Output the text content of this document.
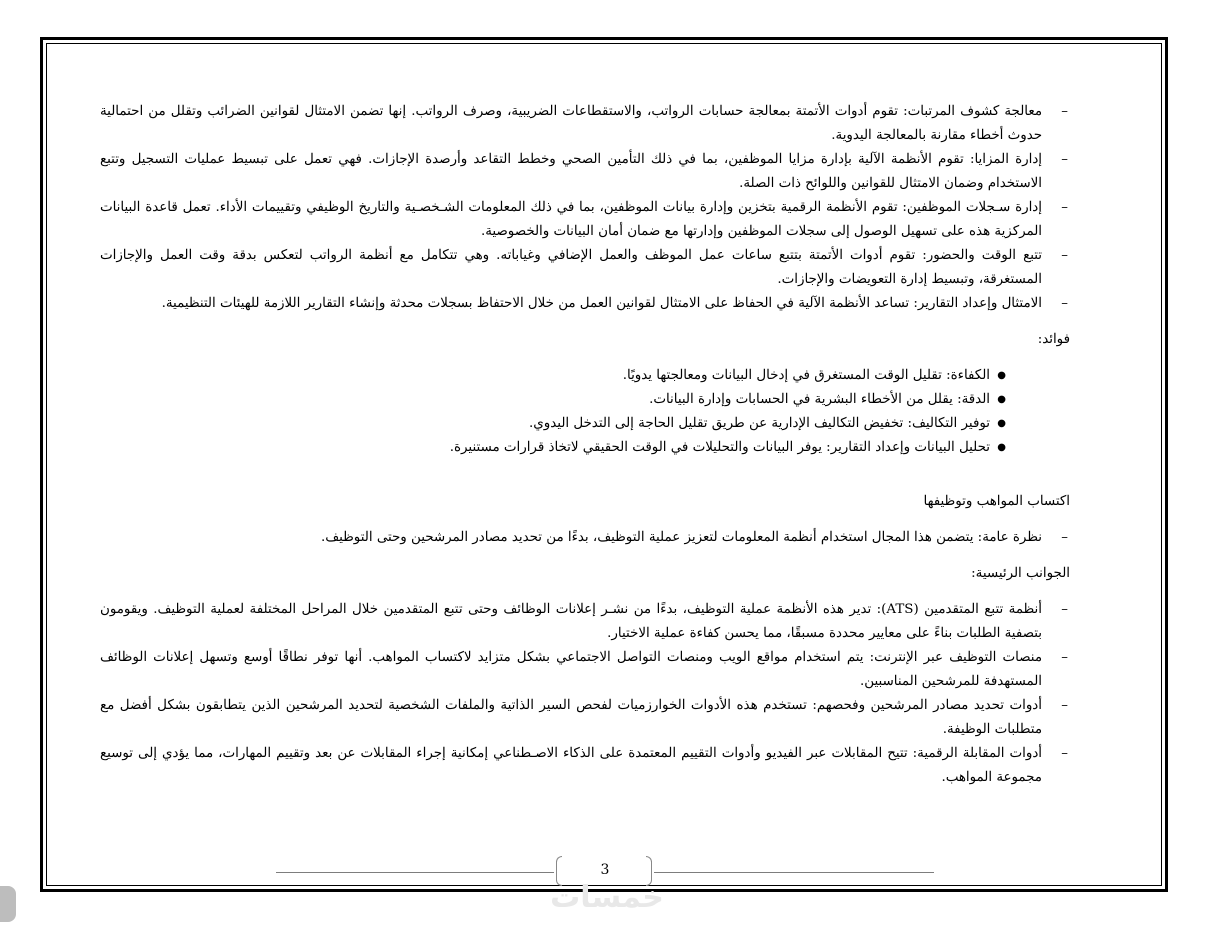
–
معالجة كشوف المرتبات: تقوم أدوات الأتمتة بمعالجة حسابات الرواتب، والاستقطاعات الضريبية، وصرف الرواتب. إنها تضمن الامتثال لقوانين الضرائب وتقلل من احتمالية حدوث أخطاء مقارنة بالمعالجة اليدوية.

–
إدارة المزايا: تقوم الأنظمة الآلية بإدارة مزايا الموظفين، بما في ذلك التأمين الصحي وخطط التقاعد وأرصدة الإجازات. فهي تعمل على تبسيط عمليات التسجيل وتتبع الاستخدام وضمان الامتثال للقوانين واللوائح ذات الصلة.

–
إدارة سـجلات الموظفين: تقوم الأنظمة الرقمية بتخزين وإدارة بيانات الموظفين، بما في ذلك المعلومات الشـخصـية والتاريخ الوظيفي وتقييمات الأداء. تعمل قاعدة البيانات المركزية هذه على تسهيل الوصول إلى سجلات الموظفين وإدارتها مع ضمان أمان البيانات والخصوصية.

–
تتبع الوقت والحضور: تقوم أدوات الأتمتة بتتبع ساعات عمل الموظف والعمل الإضافي وغياباته. وهي تتكامل مع أنظمة الرواتب لتعكس بدقة وقت العمل والإجازات المستغرقة، وتبسيط إدارة التعويضات والإجازات.

–
الامتثال وإعداد التقارير: تساعد الأنظمة الآلية في الحفاظ على الامتثال لقوانين العمل من خلال الاحتفاظ بسجلات محدثة وإنشاء التقارير اللازمة للهيئات التنظيمية.

فوائد:

●
الكفاءة: تقليل الوقت المستغرق في إدخال البيانات ومعالجتها يدويًا.

●
الدقة: يقلل من الأخطاء البشرية في الحسابات وإدارة البيانات.

●
توفير التكاليف: تخفيض التكاليف الإدارية عن طريق تقليل الحاجة إلى التدخل اليدوي.

●
تحليل البيانات وإعداد التقارير: يوفر البيانات والتحليلات في الوقت الحقيقي لاتخاذ قرارات مستنيرة.

اكتساب المواهب وتوظيفها

–
نظرة عامة: يتضمن هذا المجال استخدام أنظمة المعلومات لتعزيز عملية التوظيف، بدءًا من تحديد مصادر المرشحين وحتى التوظيف.

الجوانب الرئيسية:

–
أنظمة تتبع المتقدمين (ATS): تدير هذه الأنظمة عملية التوظيف، بدءًا من نشـر إعلانات الوظائف وحتى تتبع المتقدمين خلال المراحل المختلفة لعملية التوظيف. ويقومون بتصفية الطلبات بناءً على معايير محددة مسبقًا، مما يحسن كفاءة عملية الاختيار.

–
منصات التوظيف عبر الإنترنت: يتم استخدام مواقع الويب ومنصات التواصل الاجتماعي بشكل متزايد لاكتساب المواهب. أنها توفر نطاقًا أوسع وتسهل إعلانات الوظائف المستهدفة للمرشحين المناسبين.

–
أدوات تحديد مصادر المرشحين وفحصهم: تستخدم هذه الأدوات الخوارزميات لفحص السير الذاتية والملفات الشخصية لتحديد المرشحين الذين يتطابقون بشكل أفضل مع متطلبات الوظيفة.

–
أدوات المقابلة الرقمية: تتيح المقابلات عبر الفيديو وأدوات التقييم المعتمدة على الذكاء الاصـطناعي إمكانية إجراء المقابلات عن بعد وتقييم المهارات، مما يؤدي إلى توسيع مجموعة المواهب.

3
خمسات
